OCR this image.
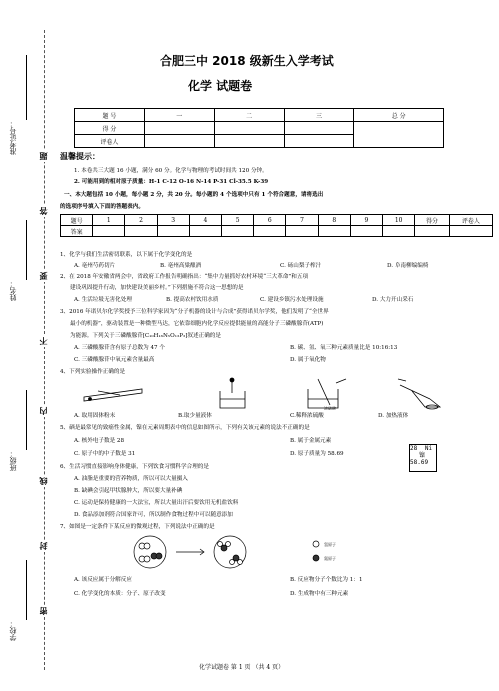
学校：
班级：
姓名：
准考证号：
密
封
线
内
不
要
答
题
合肥三中 2018 级新生入学考试
化学 试题卷
题 号	一	二	三	总 分
得 分				
评卷人				
温馨提示：
1. 本卷共三大题 16 小题，满分 60 分。化学与物理的考试时间共 120 分钟。
2. 可能用到的相对原子质量：H-1 C-12 O-16 N-14 P-31 Cl-35.5 K-39
一、本大题包括 10 小题，每小题 2 分，共 20 分。每小题的 4 个选项中只有 1 个符合题意，请将选出
的选项序号填入下面的答题表内。
题号	1	2	3	4	5	6	7	8	9	10	得分	评卷人
答案												
1、化学与我们生活密切联系，以下属于化学变化的是
A. 亳州芍药切片	B. 亳州高粱酿酒	C. 砀山梨子榨汁	D. 阜南柳编编椅
2、在 2018 年安徽省两会中，省政府工作报告明确指出：“集中力量抓好农村环境“三大革命”和五项
建设巩固提升行动，加快建设美丽乡村。”下列措施不符合这一思想的是
A. 生活垃圾无害化处理	B. 提高农村饮用水质	C. 建设乡镇污水处理设施	D. 大力开山采石
3、2016 年诺贝尔化学奖授予三位科学家因为“分子机器的设计与合成”获得诺贝尔学奖，他们发明了“全世界
最小的机器”，驱动装置是一种微型马达，它依靠细胞内化学反应提供能量的高能分子三磷酸腺苷(ATP)
为能源。下列关于三磷酸腺苷[C₁₀H₁₆N₅O₁₃P₃]叙述正确的是
A. 三磷酸腺苷含有原子总数为 47 个	B. 碳、氢、氧三种元素质量比是 10:16:13
C. 三磷酸腺苷中氧元素含量最高	D. 属于氧化物
4、下列实验操作正确的是
浓硫酸
A. 取用固体粉末	B.取少量液体	C.稀释浓硫酸	D. 加热液体
5、硒是最常见的致癌性金属，镍在元素周期表中的信息如图所示，下列有关该元素的说法不正确的是
A. 核外电子数是 28	B. 属于金属元素
C. 原子中的中子数是 31	D. 原子质量为 58.69
28 Ni
镍
58.69
6、生活习惯直接影响身体健康，下列饮食习惯科学合理的是
A. 油脂是重要的营养物质，所以可以大量摄入
B. 缺碘会引起甲状腺肿大，所以要大量补碘
C. 运动是保持健康的一大法宝，所以大量出汗后要饮用无机盐饮料
D. 食品添加剂符合国家许可，所以制作食物过程中可以随意添加
7、如图是一定条件下某反应的微观过程，下列说法中正确的是
氢原子
氮原子
A. 该反应属于分解反应	B. 反应物分子个数比为 1：1
C. 化学变化的本质：分子、原子改变	D. 生成物中有三种元素
化学试题卷 第 1 页 （共 4 页）
